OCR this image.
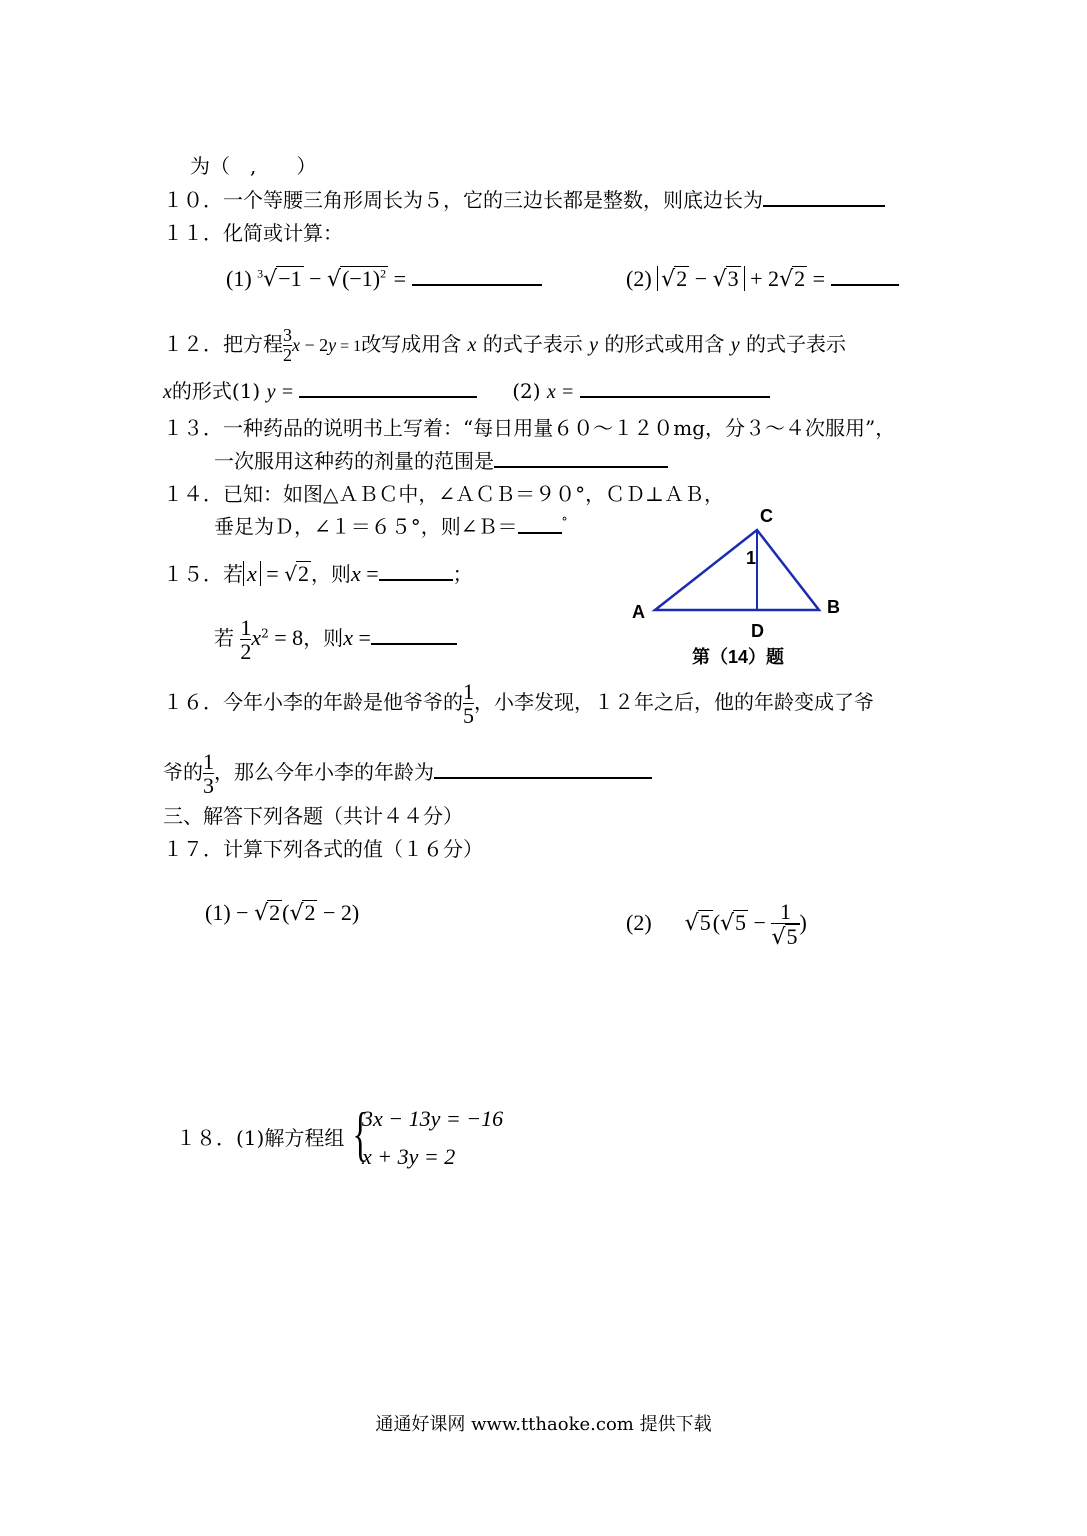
为（　,　　）
１０．一个等腰三角形周长为５，它的三边长都是整数，则底边长为
１１．化简或计算：
(1) $^3√-1 - √(-1)^2$ =	(2) √2 − √3 + 2√2 =
１２．把方程 $\frac{3}{2}$ x − 2y = 1改写成用含 x 的式子表示 y 的形式或用含 y 的式子表示
x的形式(1) y =	(2) x =
１３．一种药品的说明书上写着：“每日用量６０～１２０mg，分３～４次服用”，
一次服用这种药的剂量的范围是
１４．已知：如图△ＡＢＣ中，∠ＡＣＢ＝９０°，ＣＤ⊥ＡＢ，
垂足为Ｄ，∠１＝６５°，则∠Ｂ＝	°	C
A	B
D
1
第（14）题
１５．若 x = √2 ，则x =	；
若 $\frac{1}{2} x^2 = 8$，则x =
１６．今年小李的年龄是他爷爷的 $\frac{1}{5}$ ，小李发现，１２年之后，他的年龄变成了爷
爷的 $\frac{1}{3}$ ，那么今年小李的年龄为
三、解答下列各题（共计４４分）
１７．计算下列各式的值（１６分）
(1) − √2(√2 − 2)	(2) $√5(√5 - \frac{1}{√5}$ )
１８．(1)解方程组 {
3x − 13y = −16
x + 3y = 2
通通好课网 www.tthaoke.com 提供下载
